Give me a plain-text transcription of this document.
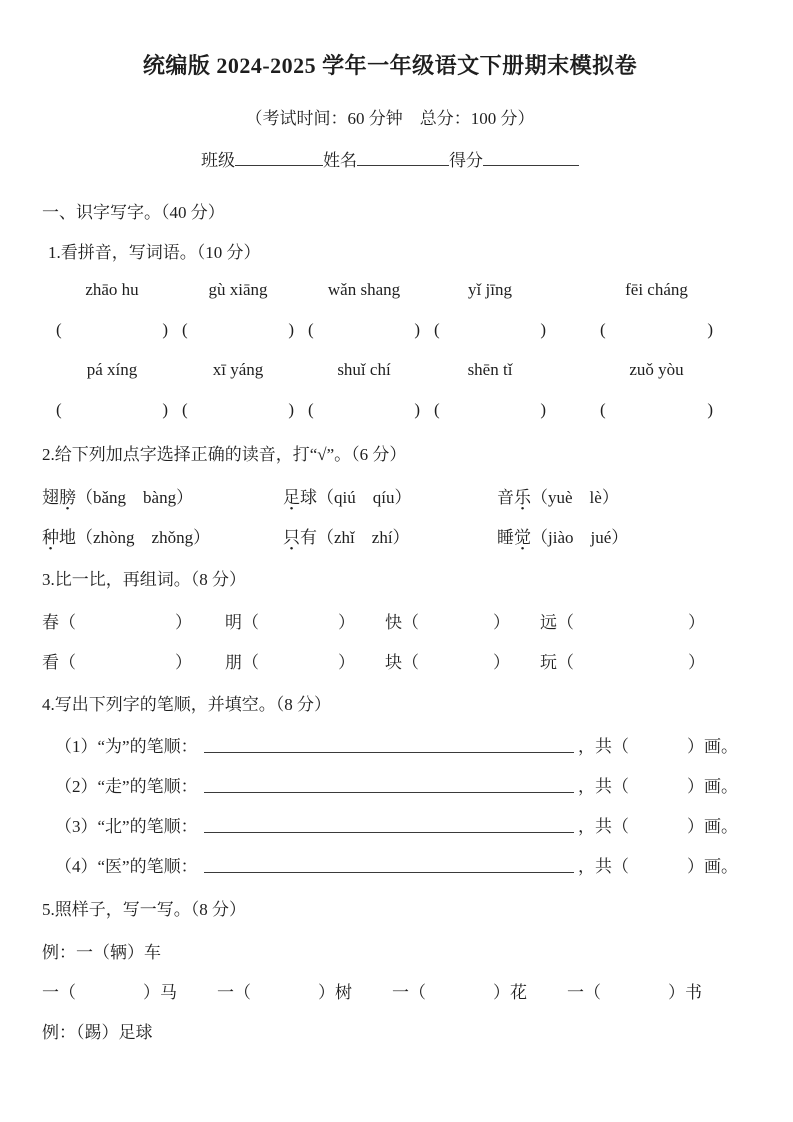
统编版 2024-2025 学年一年级语文下册期末模拟卷
（考试时间：60 分钟　总分：100 分）
班级	姓名	得分
一、识字写字。（40 分）
1.看拼音，写词语。（10 分）
zhāo hu	gù xiāng	wǎn shang	yǐ jīng	fēi cháng
(	) (	) (	) (	)	(	)
pá xíng	xī yáng	shuǐ chí	shēn tǐ	zuǒ yòu
(	) (	) (	) (	)	(	)
2.给下列加点字选择正确的读音，打“√”。（6 分）
翅膀（bǎng　bàng）	足球（qiú　qíu）	音乐（yuè　lè）
种地（zhòng　zhǒng）	只有（zhǐ　zhí）	睡觉（jiào　jué）
3.比一比，再组词。（8 分）
春（	） 明（	） 快（	） 远（	）
看（	） 朋（	） 块（	） 玩（	）
4.写出下列字的笔顺，并填空。（8 分）
（1）“为”的笔顺：	，共（	）画。
（2）“走”的笔顺：	，共（	）画。
（3）“北”的笔顺：	，共（	）画。
（4）“医”的笔顺：	，共（	）画。
5.照样子，写一写。（8 分）
例：一（辆）车
一（	）马 一（	）树 一（	）花 一（	）书
例：（踢）足球
